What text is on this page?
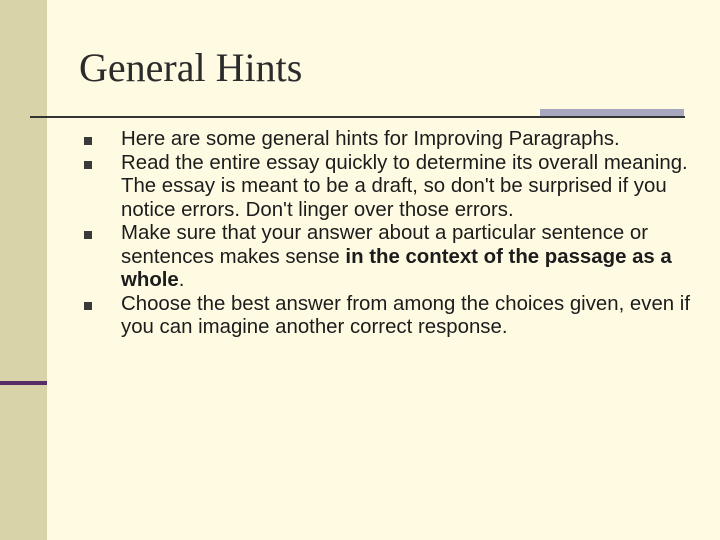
General Hints
Here are some general hints for Improving Paragraphs.
Read the entire essay quickly to determine its overall meaning. The essay is meant to be a draft, so don't be surprised if you notice errors. Don't linger over those errors.
Make sure that your answer about a particular sentence or sentences makes sense in the context of the passage as a whole.
Choose the best answer from among the choices given, even if you can imagine another correct response.
